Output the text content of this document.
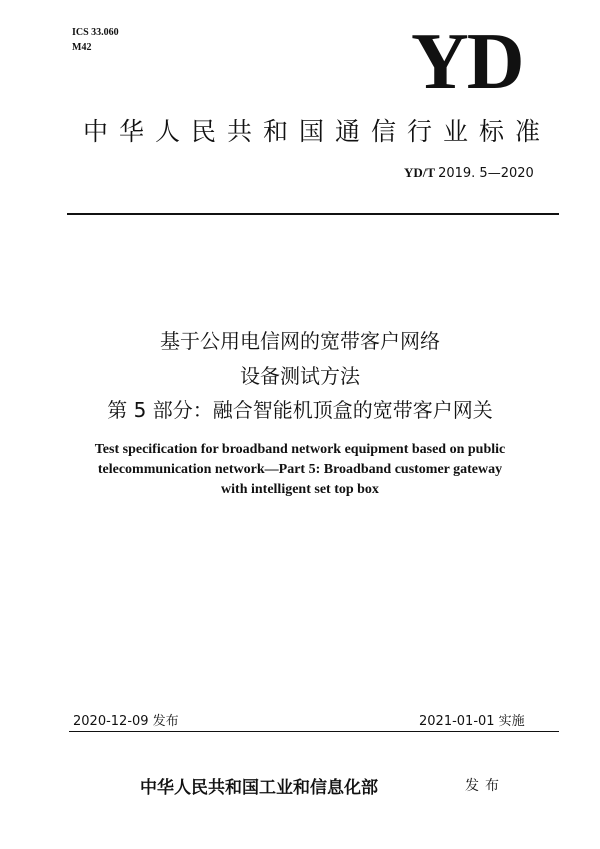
ICS 33.060
M42	YD
中华人民共和国通信行业标准
YD/T 2019. 5—2020
基于公用电信网的宽带客户网络
设备测试方法
第 5 部分：融合智能机顶盒的宽带客户网关
Test specification for broadband network equipment based on public
telecommunication network—Part 5: Broadband customer gateway
with intelligent set top box
2020-12-09 发布	2021-01-01 实施
中华人民共和国工业和信息化部	发布
